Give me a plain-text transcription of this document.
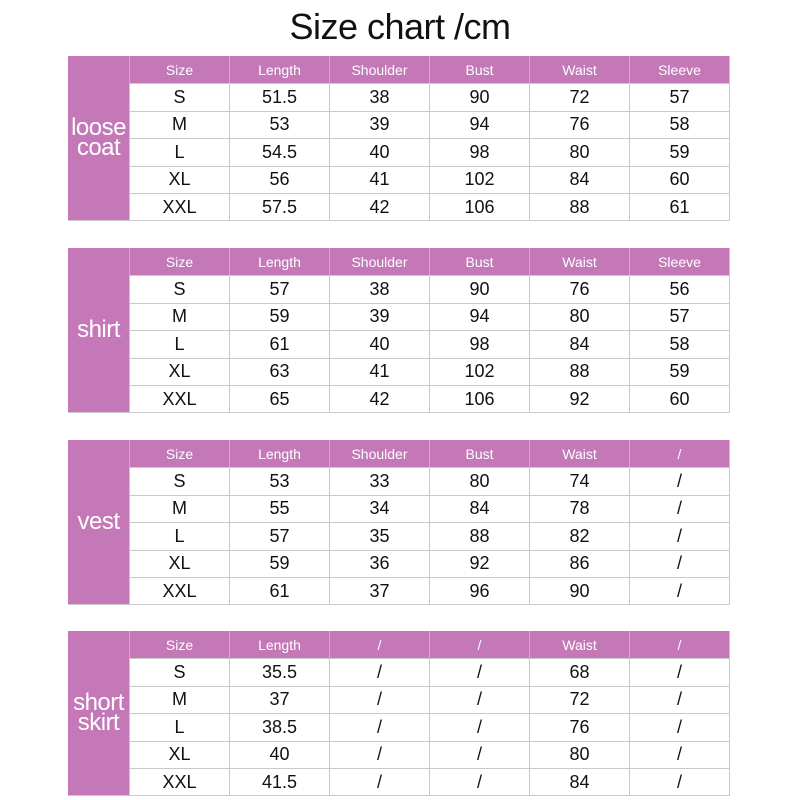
Size chart /cm
loose
coat
Size	Length	Shoulder	Bust	Waist	Sleeve
S	51.5	38	90	72	57
M	53	39	94	76	58
L	54.5	40	98	80	59
XL	56	41	102	84	60
XXL	57.5	42	106	88	61
shirt
Size	Length	Shoulder	Bust	Waist	Sleeve
S	57	38	90	76	56
M	59	39	94	80	57
L	61	40	98	84	58
XL	63	41	102	88	59
XXL	65	42	106	92	60
vest
Size	Length	Shoulder	Bust	Waist	/
S	53	33	80	74	/
M	55	34	84	78	/
L	57	35	88	82	/
XL	59	36	92	86	/
XXL	61	37	96	90	/
short
skirt
Size	Length	/	/	Waist	/
S	35.5	/	/	68	/
M	37	/	/	72	/
L	38.5	/	/	76	/
XL	40	/	/	80	/
XXL	41.5	/	/	84	/
